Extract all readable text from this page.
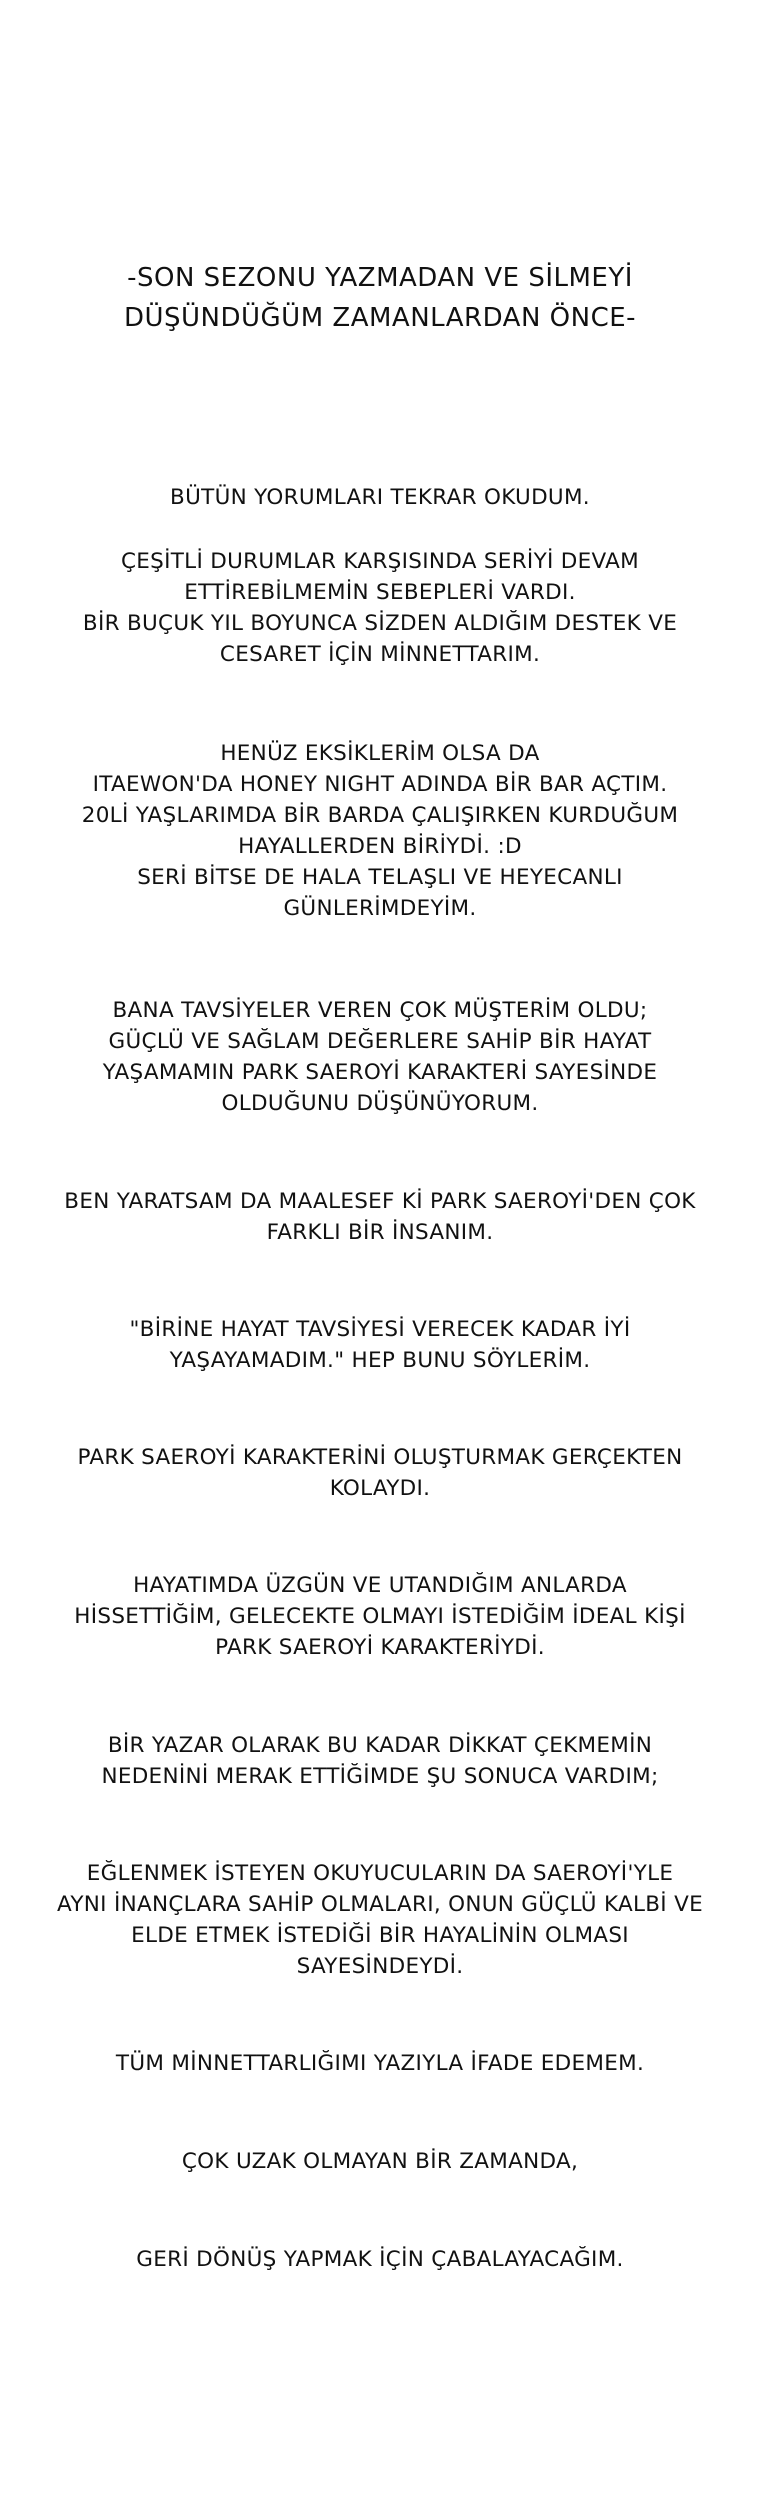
-SON SEZONU YAZMADAN VE SİLMEYİ
DÜŞÜNDÜĞÜM ZAMANLARDAN ÖNCE-
BÜTÜN YORUMLARI TEKRAR OKUDUM.
ÇEŞİTLİ DURUMLAR KARŞISINDA SERİYİ DEVAM
ETTİREBİLMEMİN SEBEPLERİ VARDI.
BİR BUÇUK YIL BOYUNCA SİZDEN ALDIĞIM DESTEK VE
CESARET İÇİN MİNNETTARIM.
HENÜZ EKSİKLERİM OLSA DA
ITAEWON'DA HONEY NIGHT ADINDA BİR BAR AÇTIM.
20Lİ YAŞLARIMDA BİR BARDA ÇALIŞIRKEN KURDUĞUM
HAYALLERDEN BİRİYDİ. :D
SERİ BİTSE DE HALA TELAŞLI VE HEYECANLI
GÜNLERİMDEYİM.
BANA TAVSİYELER VEREN ÇOK MÜŞTERİM OLDU;
GÜÇLÜ VE SAĞLAM DEĞERLERE SAHİP BİR HAYAT
YAŞAMAMIN PARK SAEROYİ KARAKTERİ SAYESİNDE
OLDUĞUNU DÜŞÜNÜYORUM.
BEN YARATSAM DA MAALESEF Kİ PARK SAEROYİ'DEN ÇOK
FARKLI BİR İNSANIM.
"BİRİNE HAYAT TAVSİYESİ VERECEK KADAR İYİ
YAŞAYAMADIM." HEP BUNU SÖYLERİM.
PARK SAEROYİ KARAKTERİNİ OLUŞTURMAK GERÇEKTEN
KOLAYDI.
HAYATIMDA ÜZGÜN VE UTANDIĞIM ANLARDA
HİSSETTİĞİM, GELECEKTE OLMAYI İSTEDİĞİM İDEAL KİŞİ
PARK SAEROYİ KARAKTERİYDİ.
BİR YAZAR OLARAK BU KADAR DİKKAT ÇEKMEMİN
NEDENİNİ MERAK ETTİĞİMDE ŞU SONUCA VARDIM;
EĞLENMEK İSTEYEN OKUYUCULARIN DA SAEROYİ'YLE
AYNI İNANÇLARA SAHİP OLMALARI, ONUN GÜÇLÜ KALBİ VE
ELDE ETMEK İSTEDİĞİ BİR HAYALİNİN OLMASI
SAYESİNDEYDİ.
TÜM MİNNETTARLIĞIMI YAZIYLA İFADE EDEMEM.
ÇOK UZAK OLMAYAN BİR ZAMANDA,
GERİ DÖNÜŞ YAPMAK İÇİN ÇABALAYACAĞIM.
